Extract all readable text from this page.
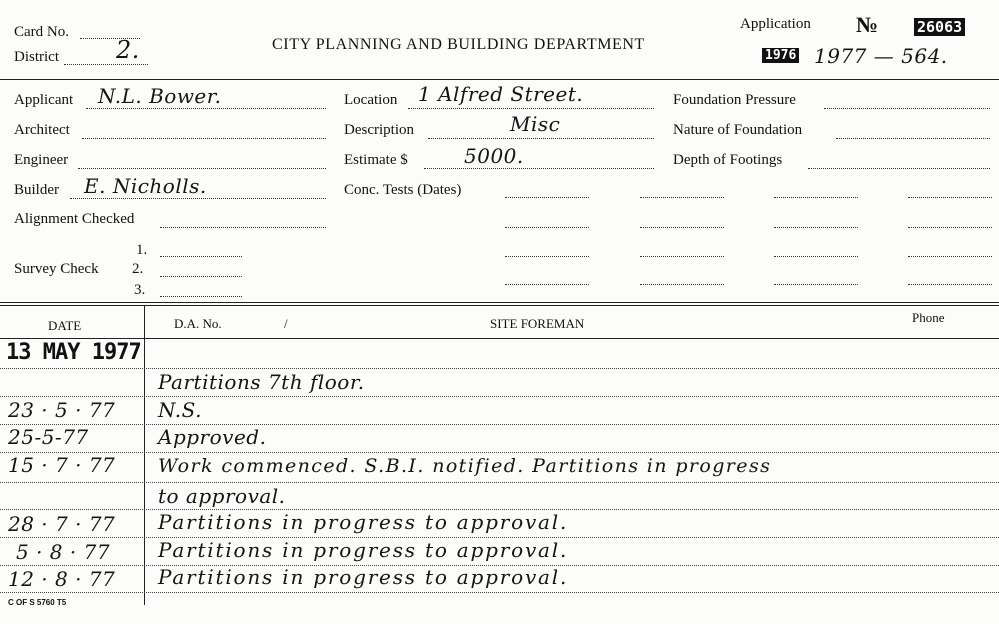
Card No.
District 2.	CITY PLANNING AND BUILDING DEPARTMENT
Application №	26063
1976 1977 — 564.
Applicant N.L. Bower.
Architect
Engineer
Builder E. Nicholls.
Alignment Checked
1.
Survey Check 2.
3.
Location 1 Alfred Street.
Description	Misc
Estimate $	5000.
Conc. Tests (Dates)
Foundation Pressure
Nature of Foundation
Depth of Footings
DATE	D.A. No.	/	SITE FOREMAN	Phone
13 MAY 1977
Partitions 7th floor.
23 · 5 · 77 N.S.
25-5-77	Approved.
15 · 7 · 77 Work commenced. S.B.I. notified. Partitions in progress
to approval.
28 · 7 · 77 Partitions in progress to approval.
5 · 8 · 77 Partitions in progress to approval.
12 · 8 · 77 Partitions in progress to approval.
C OF S 5760 T5
